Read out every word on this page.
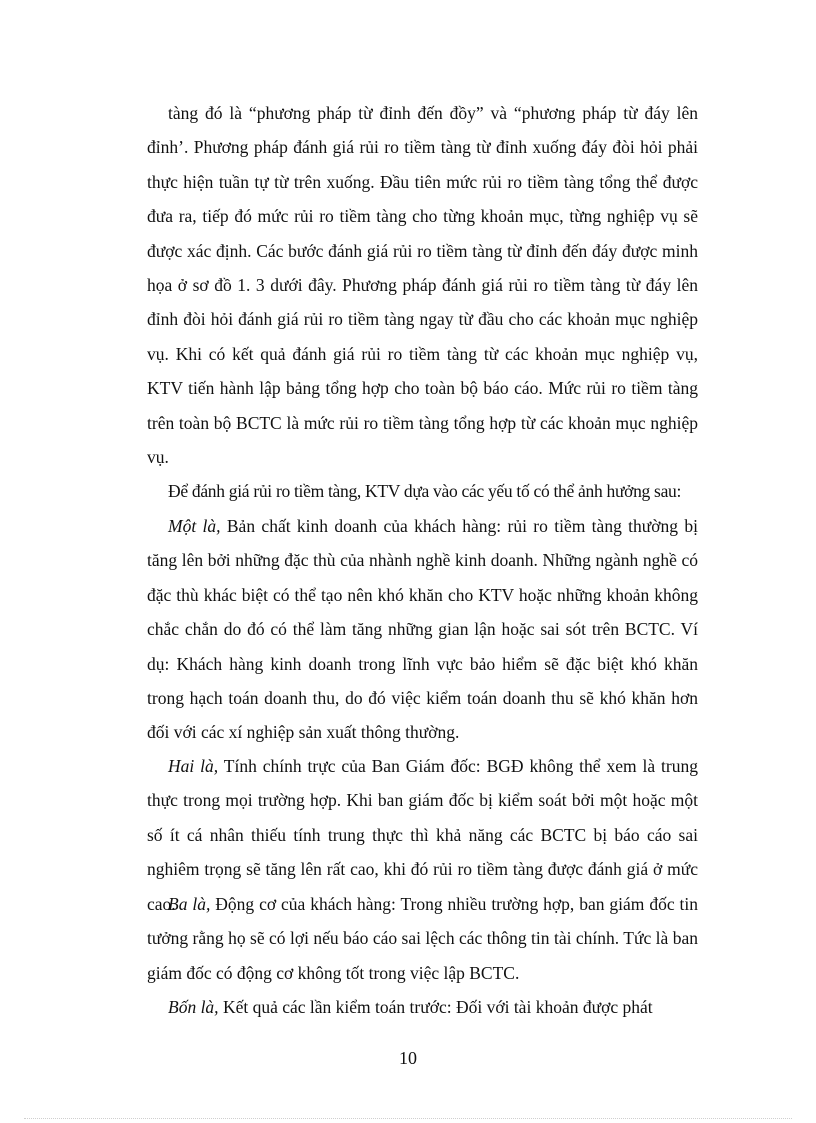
tàng đó là “phương pháp từ đỉnh đến đồy” và “phương pháp từ đáy lên đỉnh’. Phương pháp đánh giá rủi ro tiềm tàng từ đỉnh xuống đáy đòi hỏi phải thực hiện tuần tự từ trên xuống. Đầu tiên mức rủi ro tiềm tàng tổng thể được đưa ra, tiếp đó mức rủi ro tiềm tàng cho từng khoản mục, từng nghiệp vụ sẽ được xác định. Các bước đánh giá rủi ro tiềm tàng từ đỉnh đến đáy được minh họa ở sơ đồ 1. 3 dưới đây. Phương pháp đánh giá rủi ro tiềm tàng từ đáy lên đỉnh đòi hỏi đánh giá rủi ro tiềm tàng ngay từ đầu cho các khoản mục nghiệp vụ. Khi có kết quả đánh giá rủi ro tiềm tàng từ các khoản mục nghiệp vụ, KTV tiến hành lập bảng tổng hợp cho toàn bộ báo cáo. Mức rủi ro tiềm tàng trên toàn bộ BCTC là mức rủi ro tiềm tàng tổng hợp từ các khoản mục nghiệp vụ.

Để đánh giá rủi ro tiềm tàng, KTV dựa vào các yếu tố có thể ảnh hưởng sau:

Một là, Bản chất kinh doanh của khách hàng: rủi ro tiềm tàng thường bị tăng lên bởi những đặc thù của nhành nghề kinh doanh. Những ngành nghề có đặc thù khác biệt có thể tạo nên khó khăn cho KTV hoặc những khoản không chắc chắn do đó có thể làm tăng những gian lận hoặc sai sót trên BCTC. Ví dụ: Khách hàng kinh doanh trong lĩnh vực bảo hiểm sẽ đặc biệt khó khăn trong hạch toán doanh thu, do đó việc kiểm toán doanh thu sẽ khó khăn hơn đối với các xí nghiệp sản xuất thông thường.

Hai là, Tính chính trực của Ban Giám đốc: BGĐ không thể xem là trung thực trong mọi trường hợp. Khi ban giám đốc bị kiểm soát bởi một hoặc một số ít cá nhân thiếu tính trung thực thì khả năng các BCTC bị báo cáo sai nghiêm trọng sẽ tăng lên rất cao, khi đó rủi ro tiềm tàng được đánh giá ở mức cao.

Ba là, Động cơ của khách hàng: Trong nhiều trường hợp, ban giám đốc tin tưởng rằng họ sẽ có lợi nếu báo cáo sai lệch các thông tin tài chính. Tức là ban giám đốc có động cơ không tốt trong việc lập BCTC.

Bốn là, Kết quả các lần kiểm toán trước: Đối với tài khoản được phát

10
